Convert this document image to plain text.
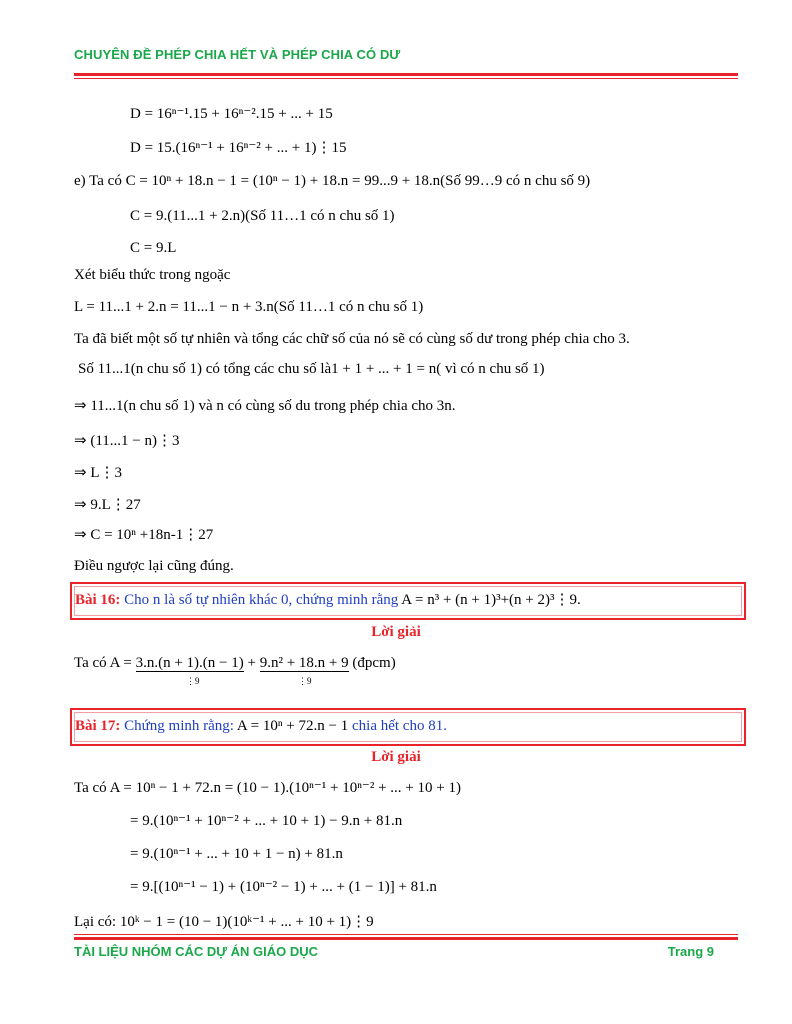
CHUYÊN ĐỀ PHÉP CHIA HẾT VÀ PHÉP CHIA CÓ DƯ
D = 16ⁿ⁻¹.15 + 16ⁿ⁻².15 + ... + 15
D = 15.(16ⁿ⁻¹ + 16ⁿ⁻² + ... + 1)⋮15
e) Ta có C = 10ⁿ + 18.n − 1 = (10ⁿ − 1) + 18.n = 99...9 + 18.n(Số 99…9 có n chu số 9)
C = 9.(11...1 + 2.n)(Số 11…1 có n chu số 1)
C = 9.L
Xét biểu thức trong ngoặc
L = 11...1 + 2.n = 11...1 − n + 3.n(Số 11…1 có n chu số 1)
Ta đã biết một số tự nhiên và tổng các chữ số của nó sẽ có cùng số dư trong phép chia cho 3.
Số 11...1(n chu số 1) có tổng các chu số là1 + 1 + ... + 1 = n( vì có n chu số 1)
⇒ 11...1(n chu số 1) và n có cùng số du trong phép chia cho 3n.
⇒ (11...1 − n)⋮3
⇒ L⋮3
⇒ 9.L⋮27
⇒ C = 10ⁿ +18n-1⋮27
Điều ngược lại cũng đúng.
Bài 16: Cho n là số tự nhiên khác 0, chứng minh rằng A = n³ + (n + 1)³+(n + 2)³⋮9.
Lời giải
Ta có A = 3.n.(n + 1).(n − 1) + 9.n² + 18.n + 9 (đpcm)
⋮9	⋮9
Bài 17: Chứng minh rằng: A = 10ⁿ + 72.n − 1 chia hết cho 81.
Lời giải
Ta có A = 10ⁿ − 1 + 72.n = (10 − 1).(10ⁿ⁻¹ + 10ⁿ⁻² + ... + 10 + 1)
= 9.(10ⁿ⁻¹ + 10ⁿ⁻² + ... + 10 + 1) − 9.n + 81.n
= 9.(10ⁿ⁻¹ + ... + 10 + 1 − n) + 81.n
= 9.[(10ⁿ⁻¹ − 1) + (10ⁿ⁻² − 1) + ... + (1 − 1)] + 81.n
Lại có: 10ᵏ − 1 = (10 − 1)(10ᵏ⁻¹ + ... + 10 + 1)⋮9
TÀI LIỆU NHÓM CÁC DỰ ÁN GIÁO DỤC	Trang 9
